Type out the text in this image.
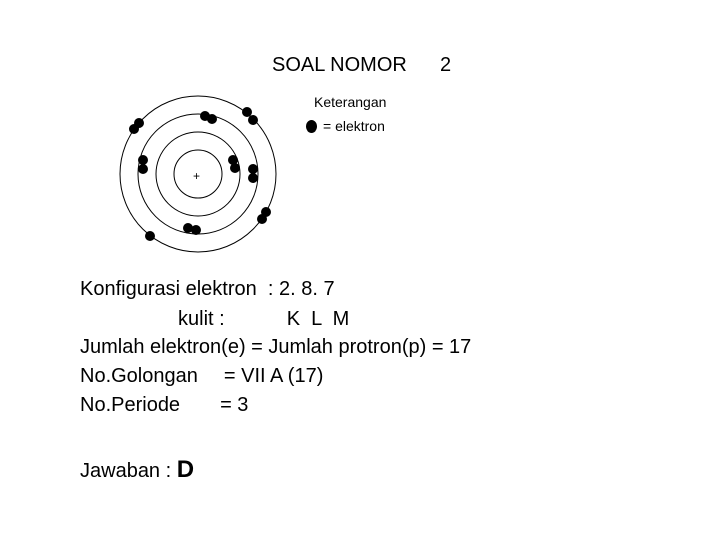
SOAL NOMOR 2
Keterangan
= elektron
+
Konfigurasi elektron : 2. 8. 7
kulit :	K  L  M
Jumlah elektron(e) = Jumlah protron(p) = 17
No.Golongan = VII A (17)
No.Periode = 3
Jawaban : D
